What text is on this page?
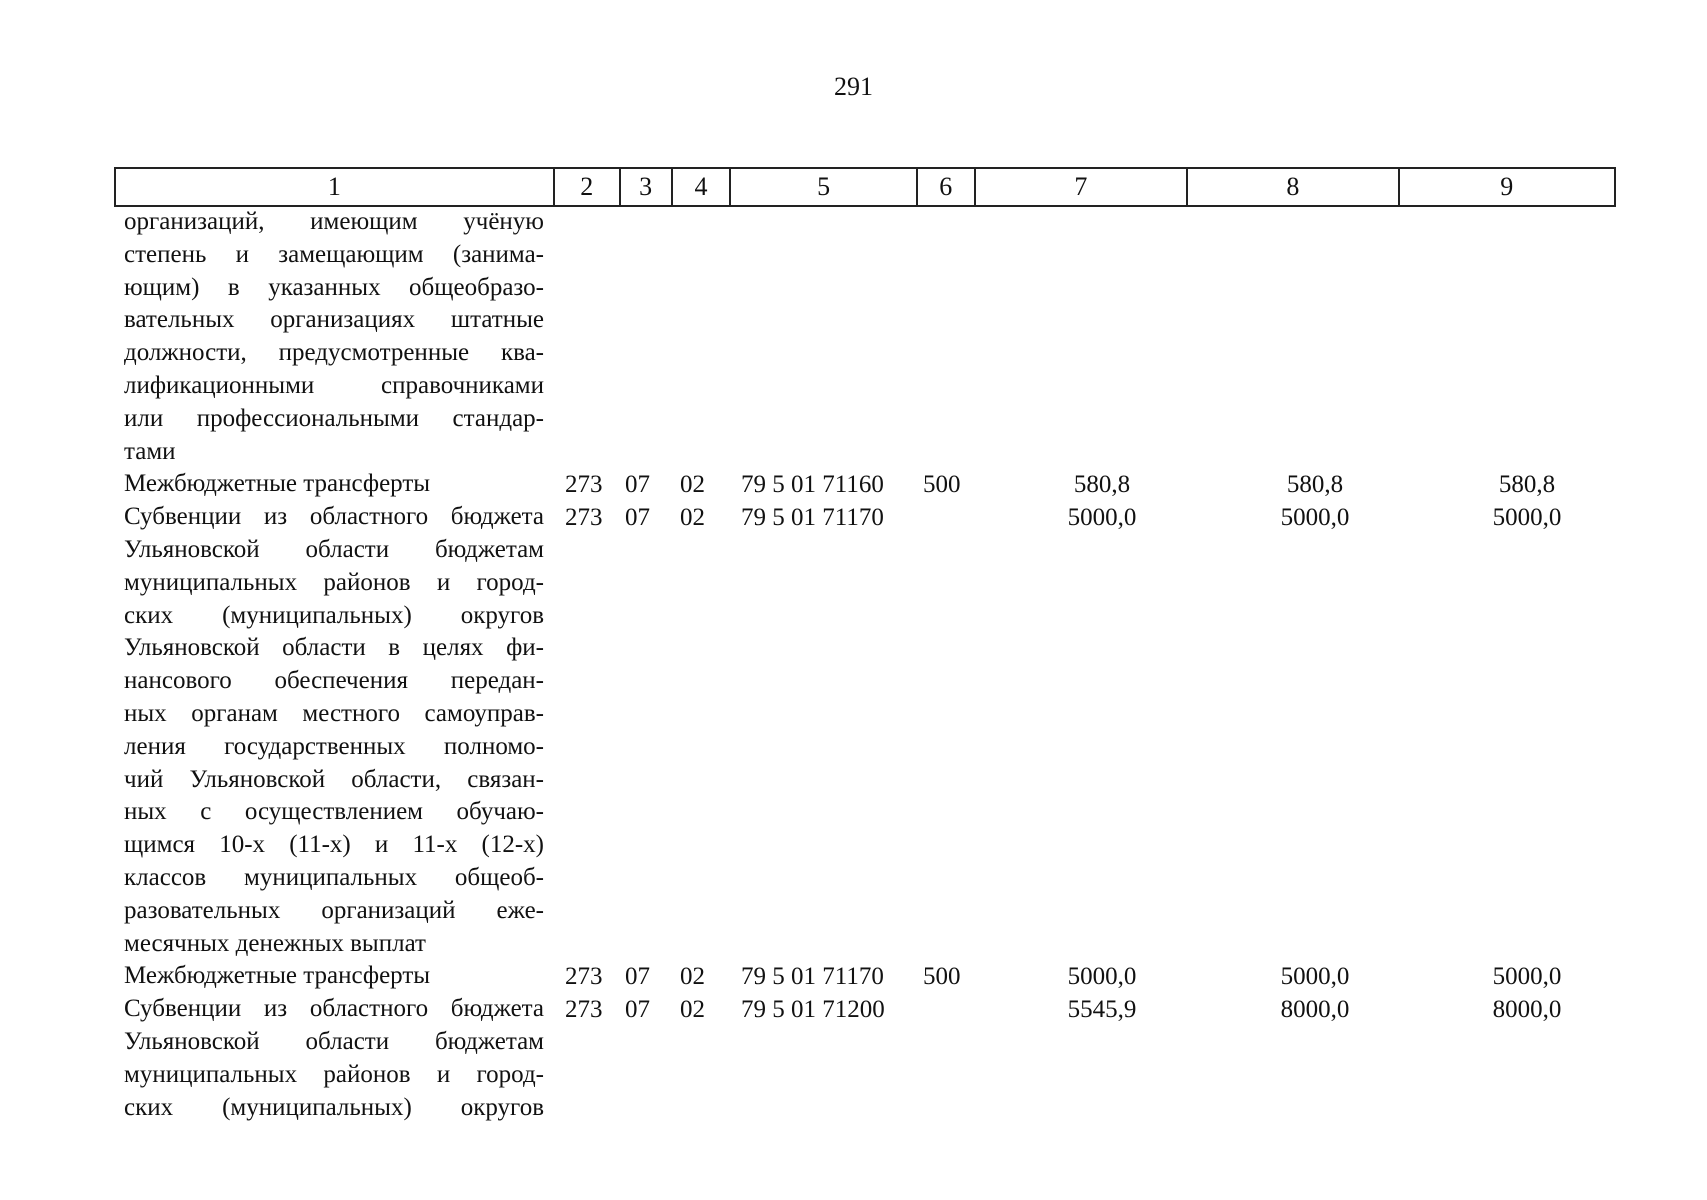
291
1	2	3	4	5	6	7	8	9
организаций, имеющим учёную
степень и замещающим (занима-
ющим) в указанных общеобразо-
вательных организациях штатные
должности, предусмотренные ква-
лификационными справочниками
или профессиональными стандар-
тами
Межбюджетные трансферты	273 07 02 79 5 01 71160 500	580,8	580,8	580,8
Субвенции из областного бюджета
Ульяновской области бюджетам
муниципальных районов и город-
ских (муниципальных) округов
Ульяновской области в целях фи-
нансового обеспечения передан-
ных органам местного самоуправ-
ления государственных полномо-
чий Ульяновской области, связан-
ных с осуществлением обучаю-
щимся 10-х (11-х) и 11-х (12-х)
классов муниципальных общеоб-
разовательных организаций еже-
месячных денежных выплат
273 07 02 79 5 01 71170	5000,0	5000,0	5000,0
Межбюджетные трансферты	273 07 02 79 5 01 71170 500	5000,0	5000,0	5000,0
Субвенции из областного бюджета
Ульяновской области бюджетам
муниципальных районов и город-
ских (муниципальных) округов
273 07 02 79 5 01 71200	5545,9	8000,0	8000,0
